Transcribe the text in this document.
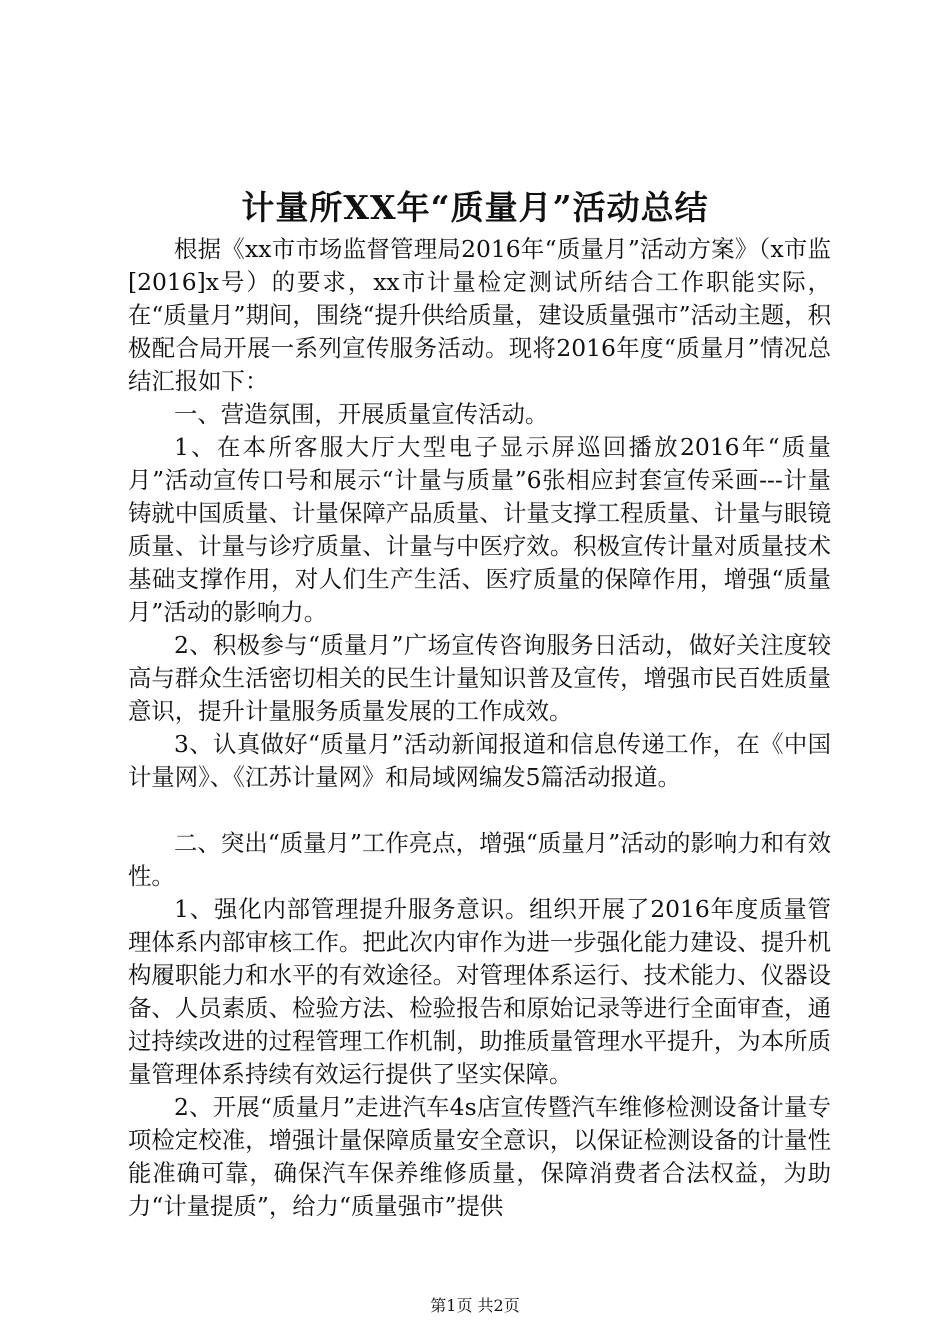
计量所XX年“质量月”活动总结

根据《xx市市场监督管理局2016年“质量月”活动方案》（x市监[2016]x号）的要求，xx市计量检定测试所结合工作职能实际，在“质量月”期间，围绕“提升供给质量，建设质量强市”活动主题，积极配合局开展一系列宣传服务活动。现将2016年度“质量月”情况总结汇报如下：

一、营造氛围，开展质量宣传活动。

1、在本所客服大厅大型电子显示屏巡回播放2016年“质量月”活动宣传口号和展示“计量与质量”6张相应封套宣传采画---计量铸就中国质量、计量保障产品质量、计量支撑工程质量、计量与眼镜质量、计量与诊疗质量、计量与中医疗效。积极宣传计量对质量技术基础支撑作用，对人们生产生活、医疗质量的保障作用，增强“质量月”活动的影响力。

2、积极参与“质量月”广场宣传咨询服务日活动，做好关注度较高与群众生活密切相关的民生计量知识普及宣传，增强市民百姓质量意识，提升计量服务质量发展的工作成效。

3、认真做好“质量月”活动新闻报道和信息传递工作，在《中国计量网》、《江苏计量网》和局域网编发5篇活动报道。

二、突出“质量月”工作亮点，增强“质量月”活动的影响力和有效性。

1、强化内部管理提升服务意识。组织开展了2016年度质量管理体系内部审核工作。把此次内审作为进一步强化能力建设、提升机构履职能力和水平的有效途径。对管理体系运行、技术能力、仪器设备、人员素质、检验方法、检验报告和原始记录等进行全面审查，通过持续改进的过程管理工作机制，助推质量管理水平提升，为本所质量管理体系持续有效运行提供了坚实保障。

2、开展“质量月”走进汽车4s店宣传暨汽车维修检测设备计量专项检定校准，增强计量保障质量安全意识，以保证检测设备的计量性能准确可靠，确保汽车保养维修质量，保障消费者合法权益，为助力“计量提质”，给力“质量强市”提供

第1页 共2页
